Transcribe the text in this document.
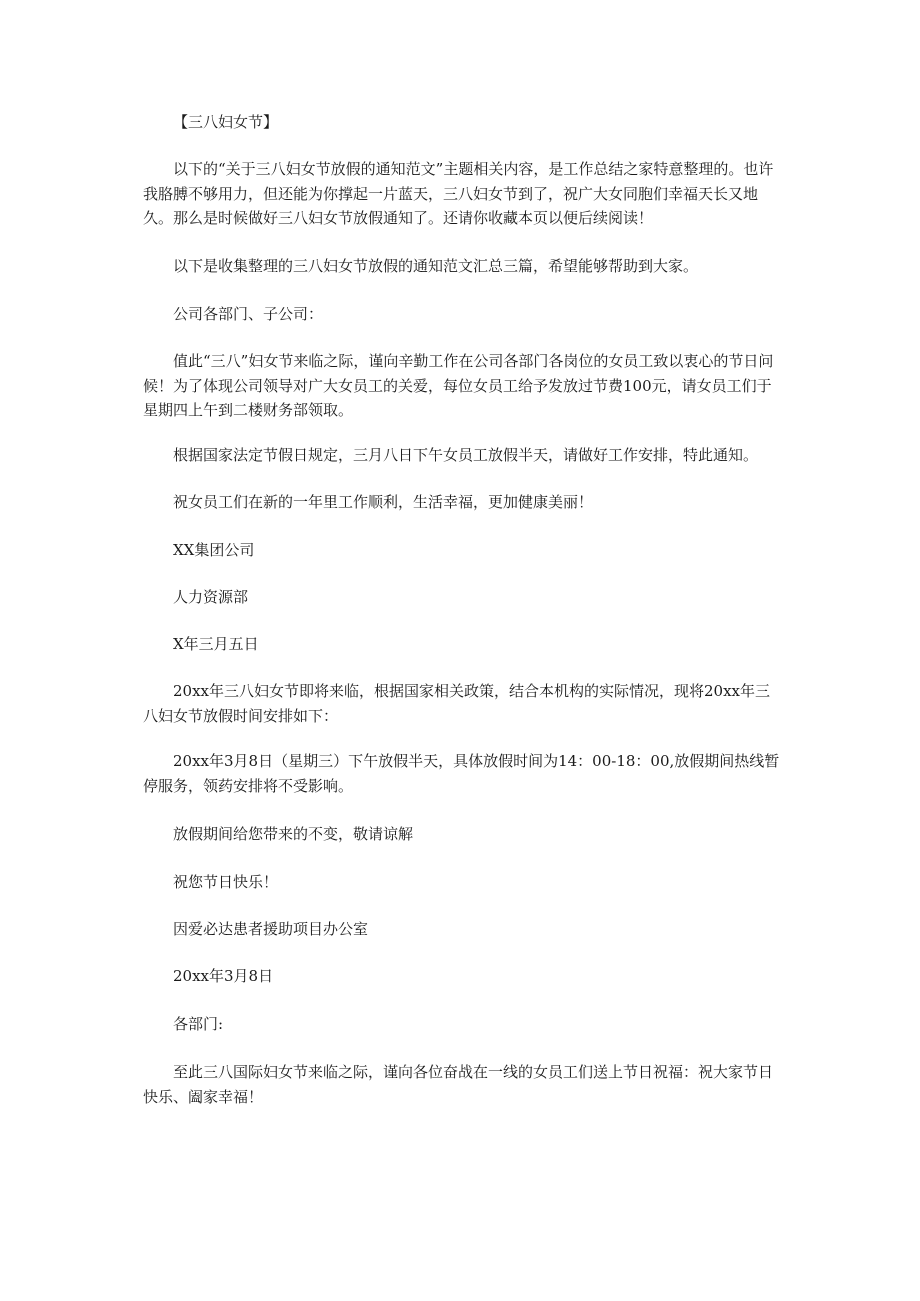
【三八妇女节】

以下的“关于三八妇女节放假的通知范文”主题相关内容，是工作总结之家特意整理的。也许我胳膊不够用力，但还能为你撑起一片蓝天，三八妇女节到了，祝广大女同胞们幸福天长又地久。那么是时候做好三八妇女节放假通知了。还请你收藏本页以便后续阅读！

以下是收集整理的三八妇女节放假的通知范文汇总三篇，希望能够帮助到大家。

公司各部门、子公司：

值此“三八”妇女节来临之际，谨向辛勤工作在公司各部门各岗位的女员工致以衷心的节日问候！为了体现公司领导对广大女员工的关爱，每位女员工给予发放过节费100元，请女员工们于星期四上午到二楼财务部领取。

根据国家法定节假日规定，三月八日下午女员工放假半天，请做好工作安排，特此通知。

祝女员工们在新的一年里工作顺利，生活幸福，更加健康美丽！

XX集团公司

人力资源部

X年三月五日

20xx年三八妇女节即将来临，根据国家相关政策，结合本机构的实际情况，现将20xx年三八妇女节放假时间安排如下：

20xx年3月8日（星期三）下午放假半天，具体放假时间为14：00-18：00,放假期间热线暂停服务，领药安排将不受影响。

放假期间给您带来的不变，敬请谅解

祝您节日快乐！

因爱必达患者援助项目办公室

20xx年3月8日

各部门:

至此三八国际妇女节来临之际，谨向各位奋战在一线的女员工们送上节日祝福：祝大家节日快乐、阖家幸福！
